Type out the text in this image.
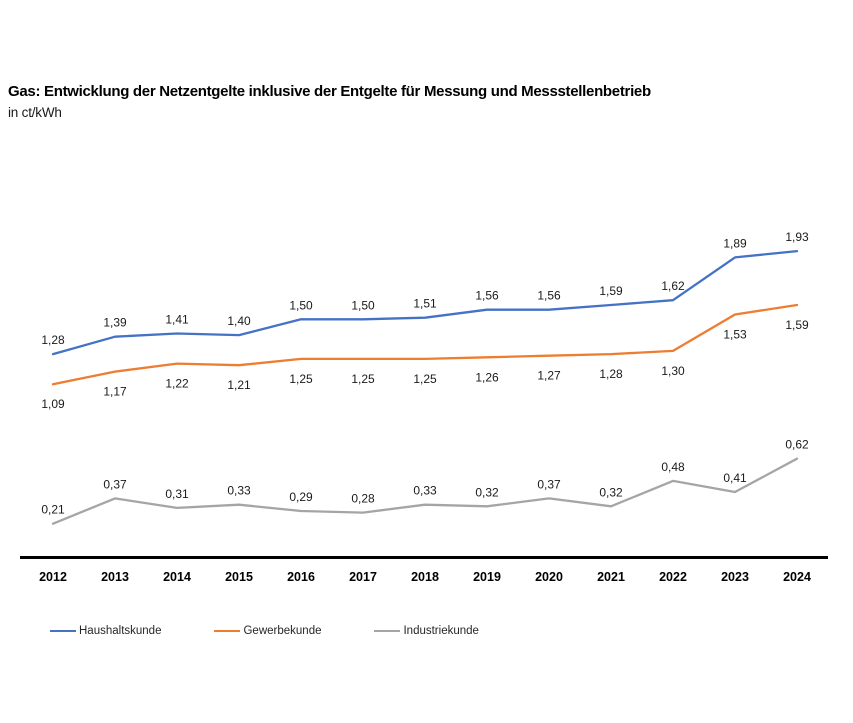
Gas: Entwicklung der Netzentgelte inklusive der Entgelte für Messung und Messstellenbetrieb
in ct/kWh
1,28
1,39	1,41	1,40
1,50	1,50	1,51
1,56	1,56	1,59	1,62
1,89	1,93
1,09
1,17
1,22	1,21	1,25	1,25	1,25	1,26	1,27	1,28	1,30
1,53
1,59
0,21
0,37
0,31	0,33	0,29	0,28
0,33	0,32
0,37
0,32
0,48
0,41
0,62
2012	2013	2014	2015	2016	2017	2018	2019	2020	2021	2022	2023	2024
Haushaltskunde	Gewerbekunde	Industriekunde
